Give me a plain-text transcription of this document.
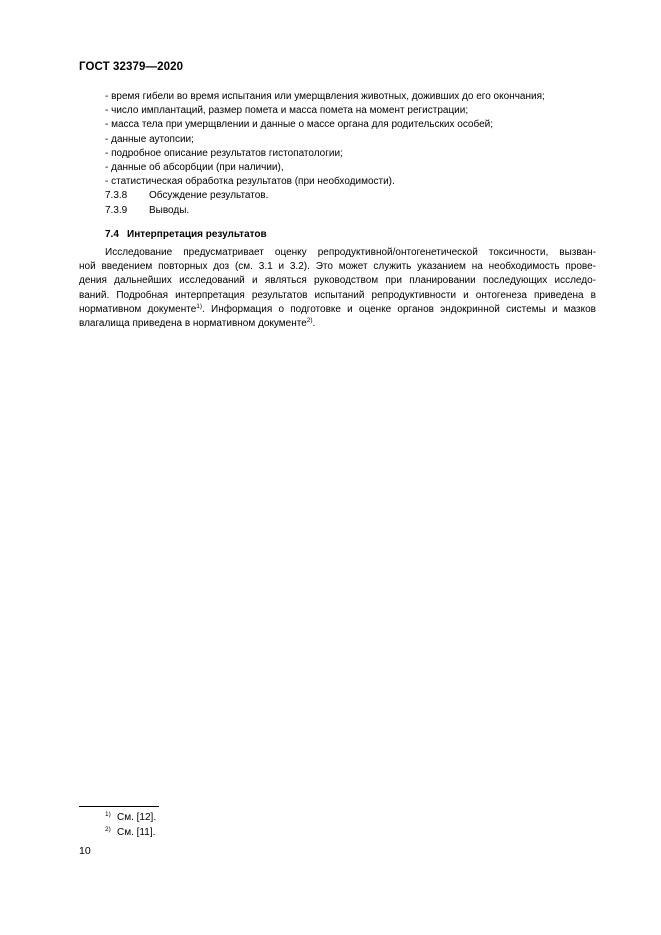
ГОСТ 32379—2020

- время гибели во время испытания или умерщвления животных, доживших до его окончания;

- число имплантаций, размер помета и масса помета на момент регистрации;

- масса тела при умерщвлении и данные о массе органа для родительских особей;

- данные аутопсии;

- подробное описание результатов гистопатологии;

- данные об абсорбции (при наличии),

- статистическая обработка результатов (при необходимости).

7.3.8 Обсуждение результатов.

7.3.9 Выводы.

7.4 Интерпретация результатов

Исследование предусматривает оценку репродуктивной/онтогенетической токсичности, вызван-
ной введением повторных доз (см. 3.1 и 3.2). Это может служить указанием на необходимость прове-
дения дальнейших исследований и являться руководством при планировании последующих исследо-
ваний. Подробная интерпретация результатов испытаний репродуктивности и онтогенеза приведена в
нормативном документе$^{1)}$. Информация о подготовке и оценке органов эндокринной системы и мазков
влагалища приведена в нормативном документе$^{2)}$.

1) См. [12].

2) См. [11].

10
